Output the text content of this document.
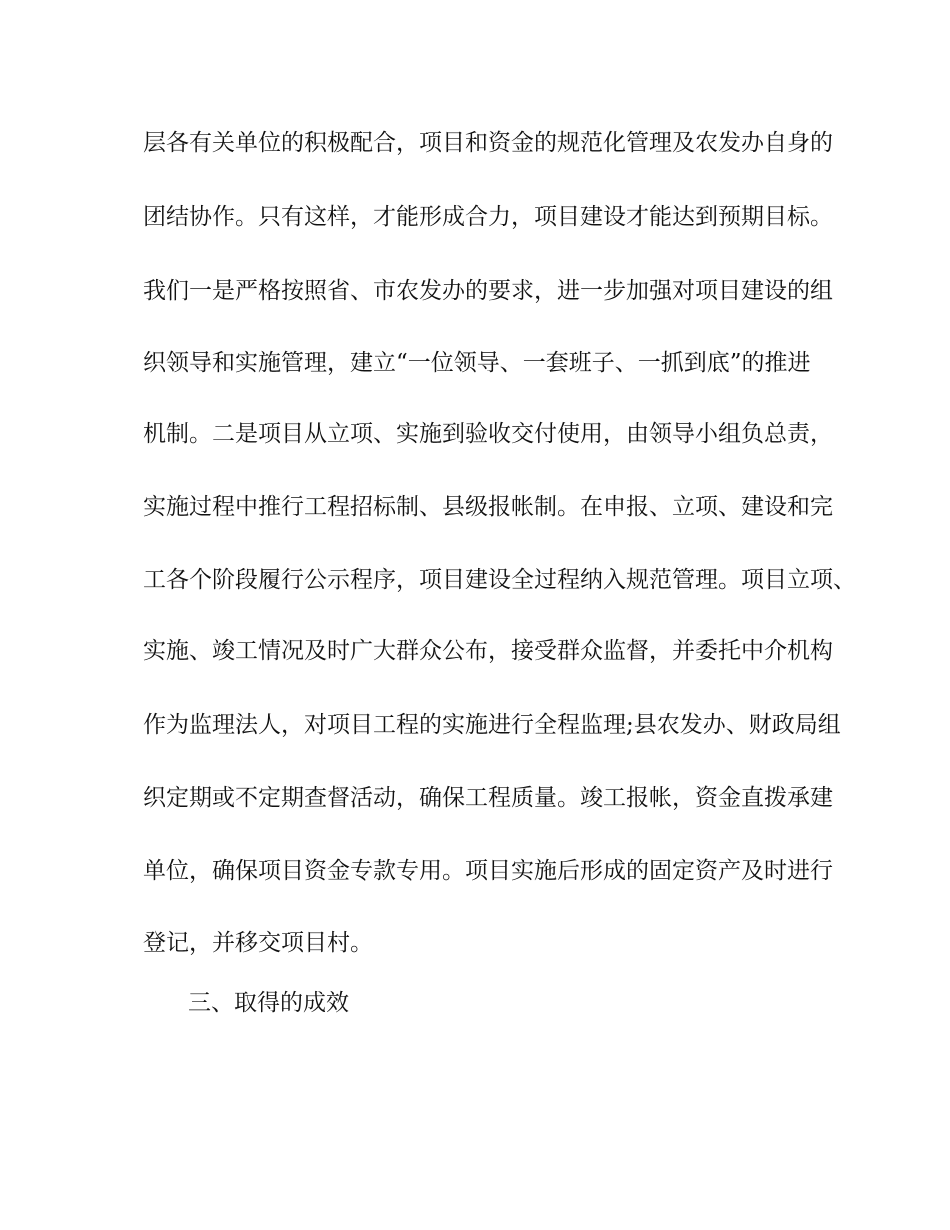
层各有关单位的积极配合，项目和资金的规范化管理及农发办自身的
团结协作。只有这样，才能形成合力，项目建设才能达到预期目标。
我们一是严格按照省、市农发办的要求，进一步加强对项目建设的组
织领导和实施管理，建立“一位领导、一套班子、一抓到底”的推进
机制。二是项目从立项、实施到验收交付使用，由领导小组负总责，
实施过程中推行工程招标制、县级报帐制。在申报、立项、建设和完
工各个阶段履行公示程序，项目建设全过程纳入规范管理。项目立项、
实施、竣工情况及时广大群众公布，接受群众监督，并委托中介机构
作为监理法人，对项目工程的实施进行全程监理;县农发办、财政局组
织定期或不定期查督活动，确保工程质量。竣工报帐，资金直拨承建
单位，确保项目资金专款专用。项目实施后形成的固定资产及时进行
登记，并移交项目村。
三、取得的成效
